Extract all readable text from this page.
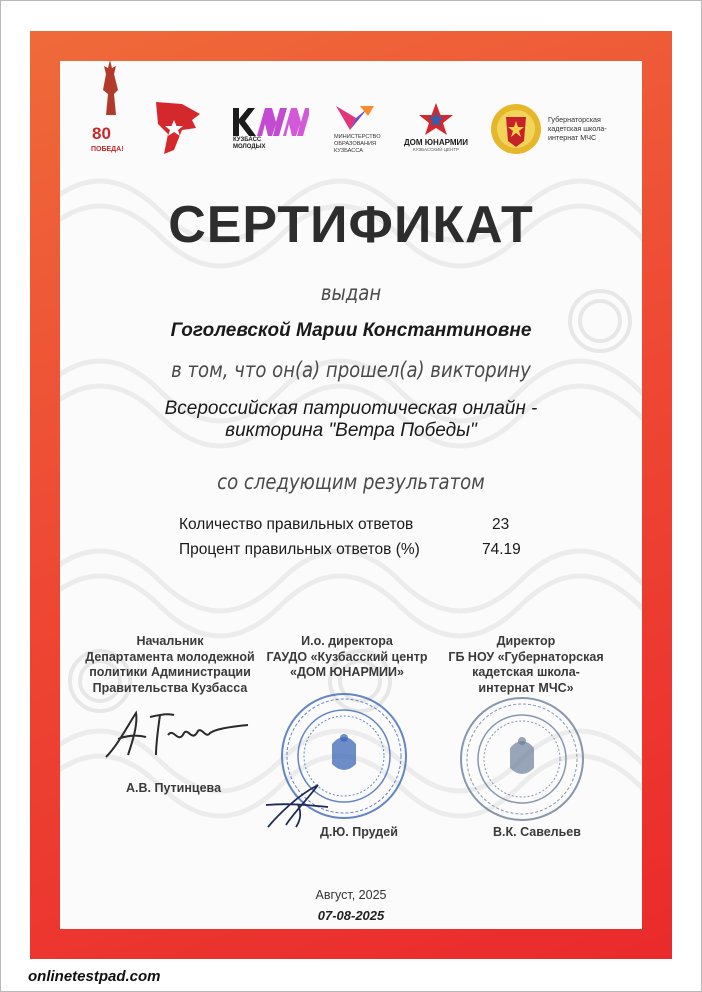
80
ПОБЕДА!
КУЗБАСС МОЛОДЫХ
МИНИСТЕРСТВО ОБРАЗОВАНИЯ КУЗБАССА
ДОМ ЮНАРМИИ
КУЗБАССКИЙ ЦЕНТР
Губернаторская кадетская школа-интернат МЧС
СЕРТИФИКАТ
выдан
Гоголевской Марии Константиновне
в том, что он(а) прошел(а) викторину
Всероссийская патриотическая онлайн -
викторина "Ветра Победы"
со следующим результатом
Количество правильных ответов	23
Процент правильных ответов (%)	74.19
Начальник
Департамента молодежной
политики Администрации
Правительства Кузбасса
И.о. директора
ГАУДО «Кузбасский центр
«ДОМ ЮНАРМИИ»
Директор
ГБ НОУ «Губернаторская
кадетская школа-
интернат МЧС»
А.В. Путинцева
Д.Ю. Прудей	В.К. Савельев
Август, 2025
07-08-2025
onlinetestpad.com
